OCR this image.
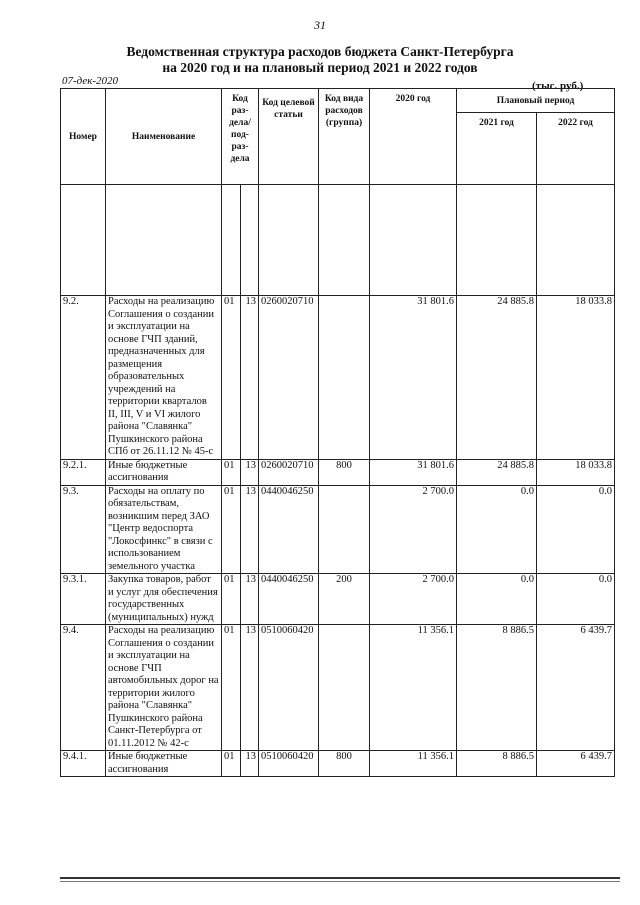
31
Ведомственная структура расходов бюджета Санкт-Петербурга
на 2020 год и на плановый период 2021 и 2022 годов
07-дек-2020	(тыс. руб.)
Номер	Наименование	Код раз-дела/ под-раз-дела		Код целевой статьи	Код вида расходов (группа)	2020 год	Плановый период	
							2021 год	2022 год

9.2.	Расходы на реализацию Соглашения о создании и эксплуатации на основе ГЧП зданий, предназначенных для размещения образовательных учреждений на территории кварталов II, III, V и VI жилого района "Славянка" Пушкинского района СПб от 26.11.12 № 45-с	01	13	0260020710		31 801.6	24 885.8	18 033.8
9.2.1.	Иные бюджетные ассигнования	01	13	0260020710	800	31 801.6	24 885.8	18 033.8
9.3.	Расходы на оплату по обязательствам, возникшим перед ЗАО "Центр ведоспорта "Локосфинкс" в связи с использованием земельного участка	01	13	0440046250		2 700.0	0.0	0.0
9.3.1.	Закупка товаров, работ и услуг для обеспечения государственных (муниципальных) нужд	01	13	0440046250	200	2 700.0	0.0	0.0
9.4.	Расходы на реализацию Соглашения о создании и эксплуатации на основе ГЧП автомобильных дорог на территории жилого района "Славянка" Пушкинского района Санкт-Петербурга от 01.11.2012 № 42-с	01	13	0510060420		11 356.1	8 886.5	6 439.7
9.4.1.	Иные бюджетные ассигнования	01	13	0510060420	800	11 356.1	8 886.5	6 439.7
